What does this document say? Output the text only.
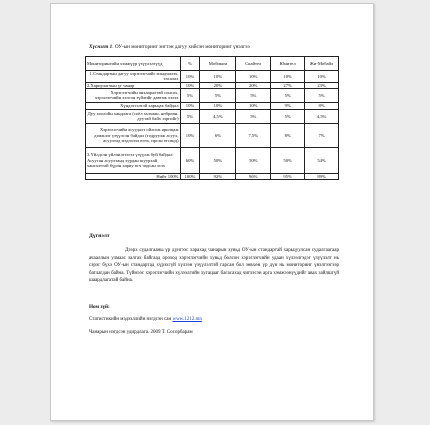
Хүснэгт 1. ОУ-ын мониторинг энгтэн дагуу хийсэн мониторинг үнэлгээ
Мониторингийн хэмжүүр үзүүлэлтүүд	%	Мобиком	Скайтел	Юнител	Жи-Мобайл
1.Стандартын дагуу хэрэглэгчийг мэндчилэх, тасалах	10%	10%	10%	10%	10%
2.Хариулагчын үг чанар	10%	20%	20%	27%	23%
Хэрэглэгчийн анхааралтай сонсох, хэрэглэгчийн хэлсэн зүйлийг давтаж хэлэх	5%	5%	5%	5%	5%
Хүндэтгэлтэй харьцах байдал	10%	10%	10%	9%	8%
Дуу хоолойн хандлага (соёл залхаан, нөбрөөн, дуутай байх зэргийг)	5%	4,5%	5%	5%	4,5%
Хэрэглэгчийн асуудалт ойлгож ярилцаж дэмжлэг үзүүлсэн байдал (тодруулж асуух, асуултад мэдээлэл өгөх, ирсэн өгсөнд)	10%	6%	7,5%	8%	7%
3.Үйлдсэн үйлчилгээгээ үзүүлж буй байдал: Асуусан асуултанд хурдан шуурхай хангалттай бүрэн хариу өгч чадсан эсэх	60%	50%	50%	50%	54%
Нийт 100%	100%	92%	96%	95%	89%
Дүгнэлт
Дээрх судалгааны үр дүнгээс харахад чанарын хувьд ОУ-ын стандартай харьцуулсан судалгаагаар ачааллын улмаас залгах байгаад ороход хэрэглэгчийн хувьд болсон хэрэглэгчийн удаан хүлээлгэдэг үзүүлэлт нь сэрэг бүхэ ОУ-ын стандартад хүрэхгүй хүлээн үзүүлэлтэй гарсан бол зөвхөн үр дүн нь мониторинг үнэлгээгээр батлагдан байна. Түймээс хэрэглэгчийн хүлээлгийн хугацааг багасахад чиглэсэн арга хэмжээнүүдийг авах зайлшгүй шаардлагатай байна.
Ном зүй:
Статистикийн мэдээллийн нэгдсэн сан www.1212.mn
Чанарын нэгдсэн удирдлага. 2009 Т. Сосорбарам
